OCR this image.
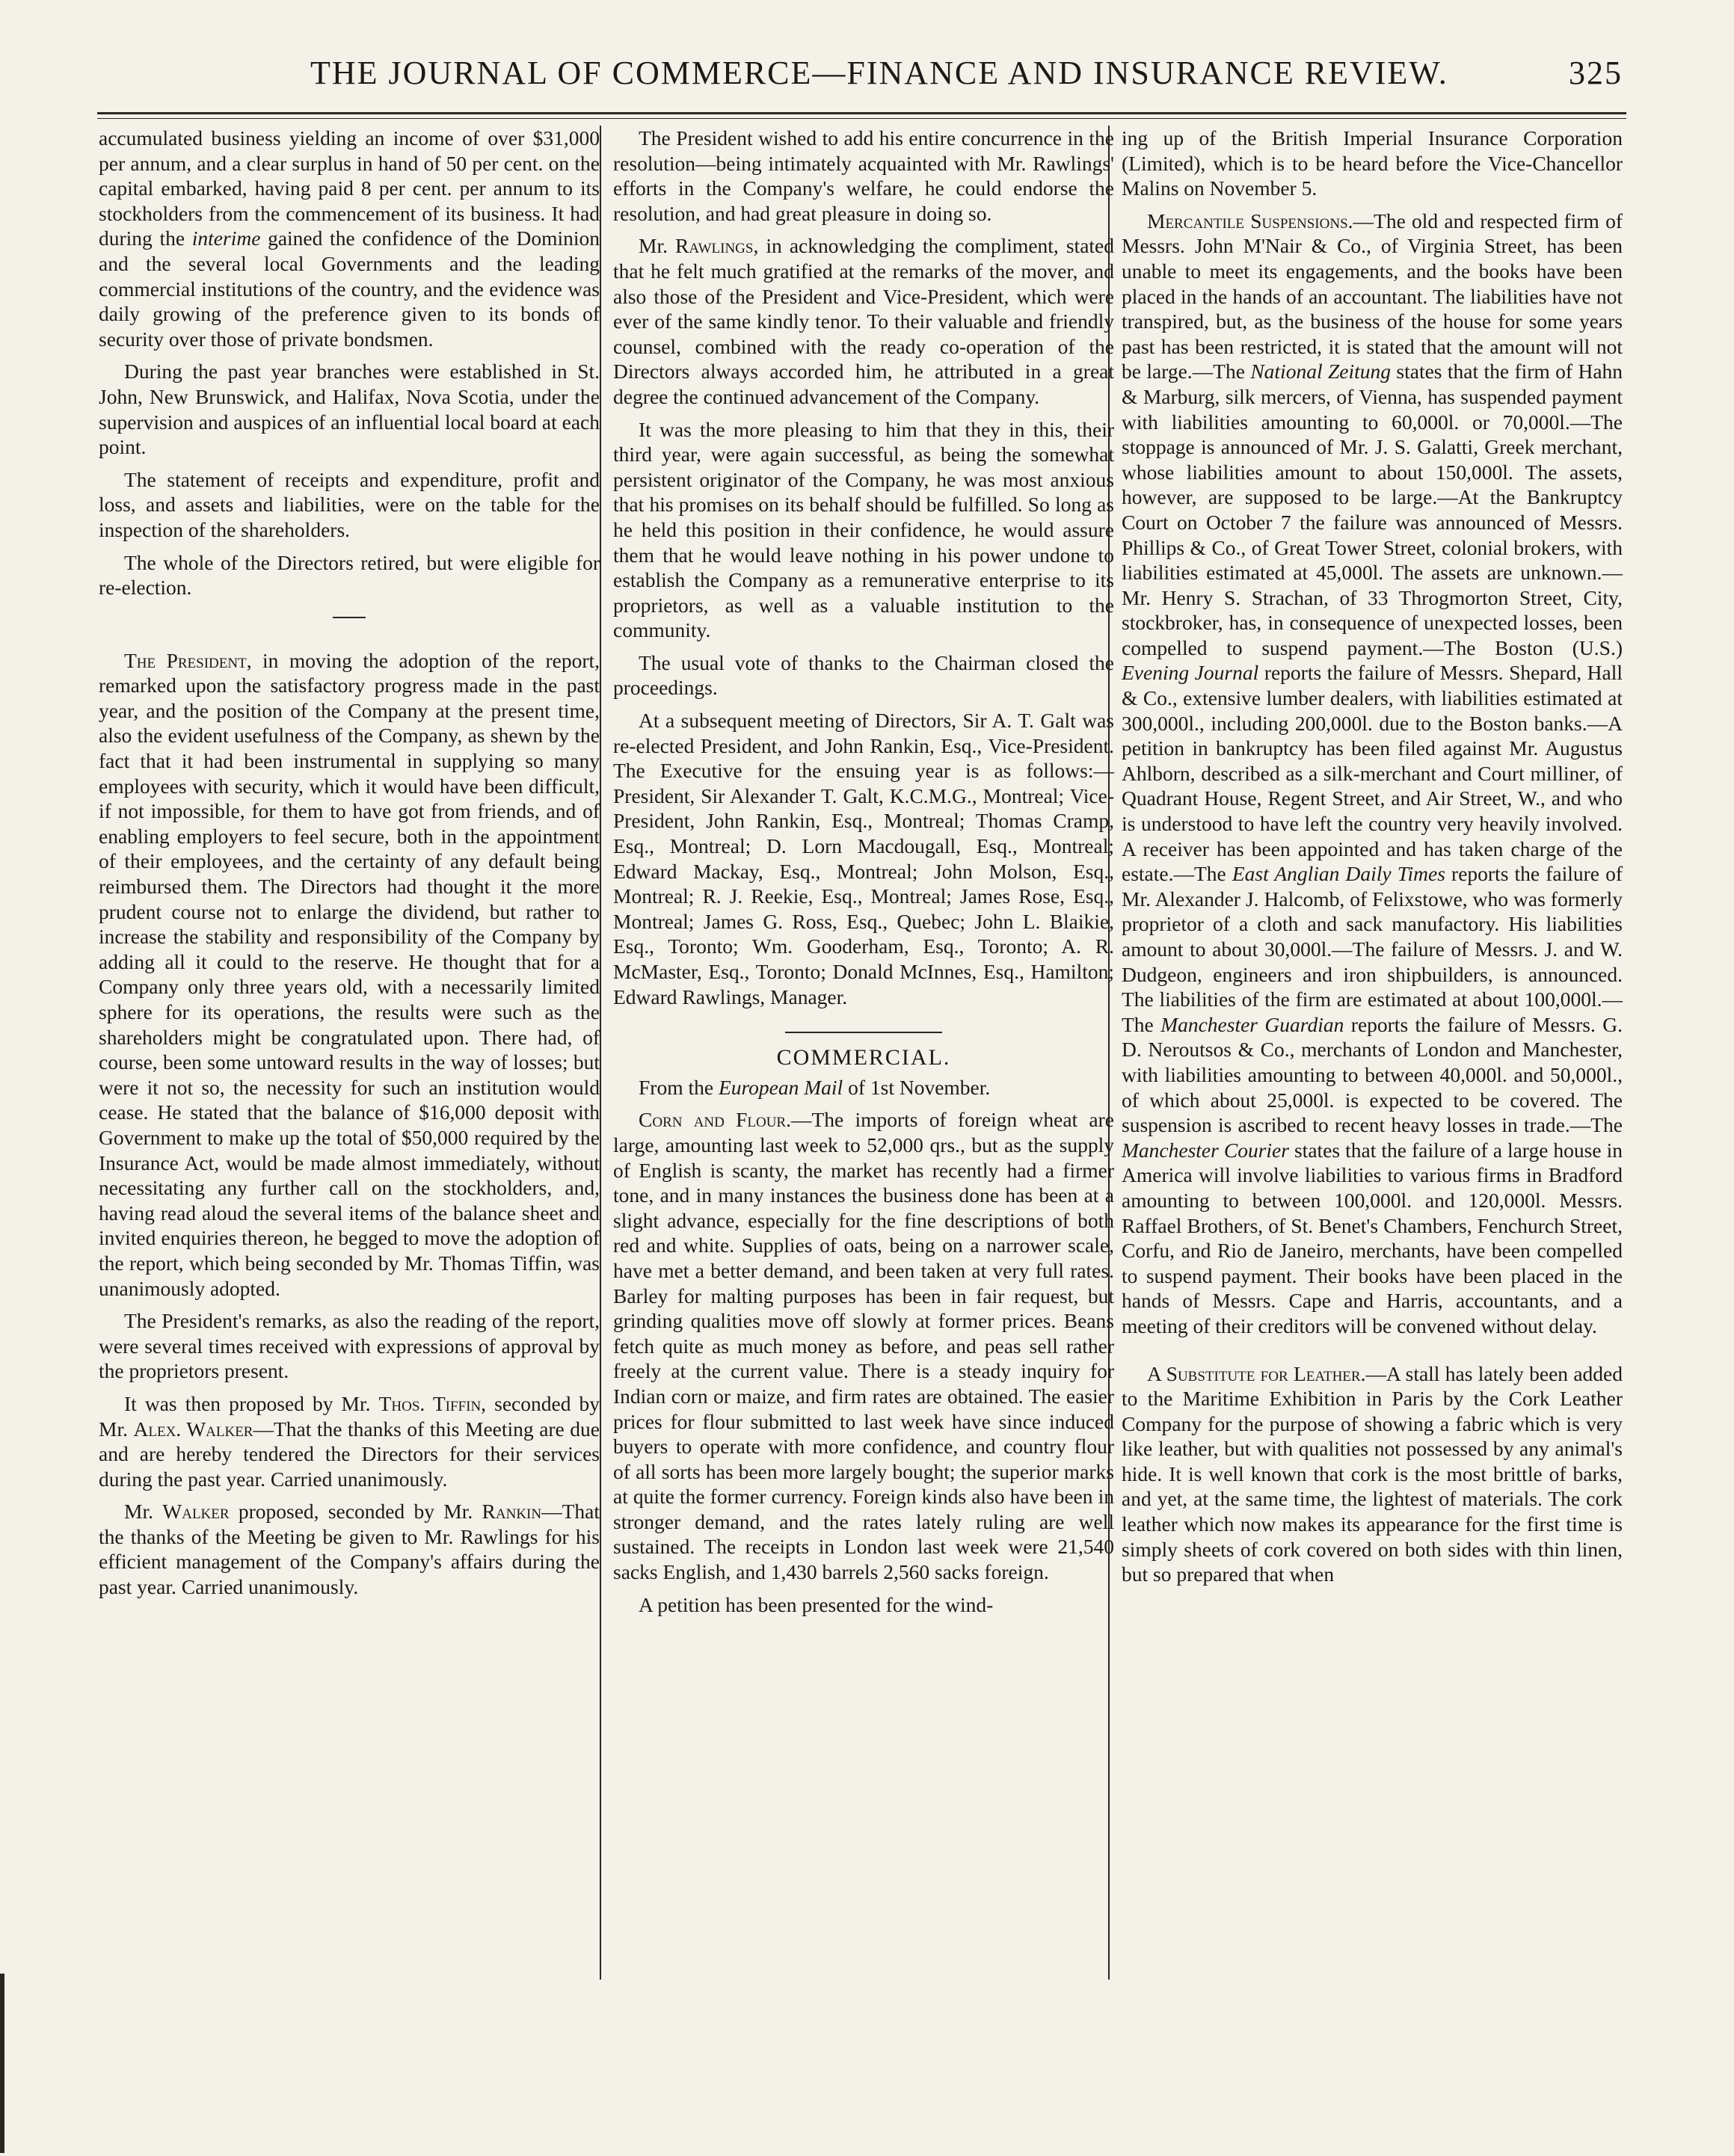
THE JOURNAL OF COMMERCE—FINANCE AND INSURANCE REVIEW.	325

accumulated business yielding an income of over $31,000 per annum, and a clear surplus in hand of 50 per cent. on the capital embarked, having paid 8 per cent. per annum to its stockholders from the commencement of its business. It had during the interime gained the confidence of the Dominion and the several local Governments and the leading commercial institutions of the country, and the evidence was daily growing of the preference given to its bonds of security over those of private bondsmen.

During the past year branches were established in St. John, New Brunswick, and Halifax, Nova Scotia, under the supervision and auspices of an influential local board at each point.

The statement of receipts and expenditure, profit and loss, and assets and liabilities, were on the table for the inspection of the shareholders.

The whole of the Directors retired, but were eligible for re-election.

The President, in moving the adoption of the report, remarked upon the satisfactory progress made in the past year, and the position of the Company at the present time, also the evident usefulness of the Company, as shewn by the fact that it had been instrumental in supplying so many employees with security, which it would have been difficult, if not impossible, for them to have got from friends, and of enabling employers to feel secure, both in the appointment of their employees, and the certainty of any default being reimbursed them. The Directors had thought it the more prudent course not to enlarge the dividend, but rather to increase the stability and responsibility of the Company by adding all it could to the reserve. He thought that for a Company only three years old, with a necessarily limited sphere for its operations, the results were such as the shareholders might be congratulated upon. There had, of course, been some untoward results in the way of losses; but were it not so, the necessity for such an institution would cease. He stated that the balance of $16,000 deposit with Government to make up the total of $50,000 required by the Insurance Act, would be made almost immediately, without necessitating any further call on the stockholders, and, having read aloud the several items of the balance sheet and invited enquiries thereon, he begged to move the adoption of the report, which being seconded by Mr. Thomas Tiffin, was unanimously adopted.

The President's remarks, as also the reading of the report, were several times received with expressions of approval by the proprietors present.

It was then proposed by Mr. Thos. Tiffin, seconded by Mr. Alex. Walker—That the thanks of this Meeting are due and are hereby tendered the Directors for their services during the past year. Carried unanimously.

Mr. Walker proposed, seconded by Mr. Rankin—That the thanks of the Meeting be given to Mr. Rawlings for his efficient management of the Company's affairs during the past year. Carried unanimously.

The President wished to add his entire concurrence in the resolution—being intimately acquainted with Mr. Rawlings' efforts in the Company's welfare, he could endorse the resolution, and had great pleasure in doing so.

Mr. Rawlings, in acknowledging the compliment, stated that he felt much gratified at the remarks of the mover, and also those of the President and Vice-President, which were ever of the same kindly tenor. To their valuable and friendly counsel, combined with the ready co-operation of the Directors always accorded him, he attributed in a great degree the continued advancement of the Company.

It was the more pleasing to him that they in this, their third year, were again successful, as being the somewhat persistent originator of the Company, he was most anxious that his promises on its behalf should be fulfilled. So long as he held this position in their confidence, he would assure them that he would leave nothing in his power undone to establish the Company as a remunerative enterprise to its proprietors, as well as a valuable institution to the community.

The usual vote of thanks to the Chairman closed the proceedings.

At a subsequent meeting of Directors, Sir A. T. Galt was re-elected President, and John Rankin, Esq., Vice-President. The Executive for the ensuing year is as follows:—President, Sir Alexander T. Galt, K.C.M.G., Montreal; Vice-President, John Rankin, Esq., Montreal; Thomas Cramp, Esq., Montreal; D. Lorn Macdougall, Esq., Montreal; Edward Mackay, Esq., Montreal; John Molson, Esq., Montreal; R. J. Reekie, Esq., Montreal; James Rose, Esq., Montreal; James G. Ross, Esq., Quebec; John L. Blaikie, Esq., Toronto; Wm. Gooderham, Esq., Toronto; A. R. McMaster, Esq., Toronto; Donald McInnes, Esq., Hamilton; Edward Rawlings, Manager.

COMMERCIAL.

From the European Mail of 1st November.

Corn and Flour.—The imports of foreign wheat are large, amounting last week to 52,000 qrs., but as the supply of English is scanty, the market has recently had a firmer tone, and in many instances the business done has been at a slight advance, especially for the fine descriptions of both red and white. Supplies of oats, being on a narrower scale, have met a better demand, and been taken at very full rates. Barley for malting purposes has been in fair request, but grinding qualities move off slowly at former prices. Beans fetch quite as much money as before, and peas sell rather freely at the current value. There is a steady inquiry for Indian corn or maize, and firm rates are obtained. The easier prices for flour submitted to last week have since induced buyers to operate with more confidence, and country flour of all sorts has been more largely bought; the superior marks at quite the former currency. Foreign kinds also have been in stronger demand, and the rates lately ruling are well sustained. The receipts in London last week were 21,540 sacks English, and 1,430 barrels 2,560 sacks foreign.

A petition has been presented for the wind-

ing up of the British Imperial Insurance Corporation (Limited), which is to be heard before the Vice-Chancellor Malins on November 5.

Mercantile Suspensions.—The old and respected firm of Messrs. John M'Nair & Co., of Virginia Street, has been unable to meet its engagements, and the books have been placed in the hands of an accountant. The liabilities have not transpired, but, as the business of the house for some years past has been restricted, it is stated that the amount will not be large.—The National Zeitung states that the firm of Hahn & Marburg, silk mercers, of Vienna, has suspended payment with liabilities amounting to 60,000l. or 70,000l.—The stoppage is announced of Mr. J. S. Galatti, Greek merchant, whose liabilities amount to about 150,000l. The assets, however, are supposed to be large.—At the Bankruptcy Court on October 7 the failure was announced of Messrs. Phillips & Co., of Great Tower Street, colonial brokers, with liabilities estimated at 45,000l. The assets are unknown.—Mr. Henry S. Strachan, of 33 Throgmorton Street, City, stockbroker, has, in consequence of unexpected losses, been compelled to suspend payment.—The Boston (U.S.) Evening Journal reports the failure of Messrs. Shepard, Hall & Co., extensive lumber dealers, with liabilities estimated at 300,000l., including 200,000l. due to the Boston banks.—A petition in bankruptcy has been filed against Mr. Augustus Ahlborn, described as a silk-merchant and Court milliner, of Quadrant House, Regent Street, and Air Street, W., and who is understood to have left the country very heavily involved. A receiver has been appointed and has taken charge of the estate.—The East Anglian Daily Times reports the failure of Mr. Alexander J. Halcomb, of Felixstowe, who was formerly proprietor of a cloth and sack manufactory. His liabilities amount to about 30,000l.—The failure of Messrs. J. and W. Dudgeon, engineers and iron shipbuilders, is announced. The liabilities of the firm are estimated at about 100,000l.—The Manchester Guardian reports the failure of Messrs. G. D. Neroutsos & Co., merchants of London and Manchester, with liabilities amounting to between 40,000l. and 50,000l., of which about 25,000l. is expected to be covered. The suspension is ascribed to recent heavy losses in trade.—The Manchester Courier states that the failure of a large house in America will involve liabilities to various firms in Bradford amounting to between 100,000l. and 120,000l. Messrs. Raffael Brothers, of St. Benet's Chambers, Fenchurch Street, Corfu, and Rio de Janeiro, merchants, have been compelled to suspend payment. Their books have been placed in the hands of Messrs. Cape and Harris, accountants, and a meeting of their creditors will be convened without delay.

A Substitute for Leather.—A stall has lately been added to the Maritime Exhibition in Paris by the Cork Leather Company for the purpose of showing a fabric which is very like leather, but with qualities not possessed by any animal's hide. It is well known that cork is the most brittle of barks, and yet, at the same time, the lightest of materials. The cork leather which now makes its appearance for the first time is simply sheets of cork covered on both sides with thin linen, but so prepared that when
